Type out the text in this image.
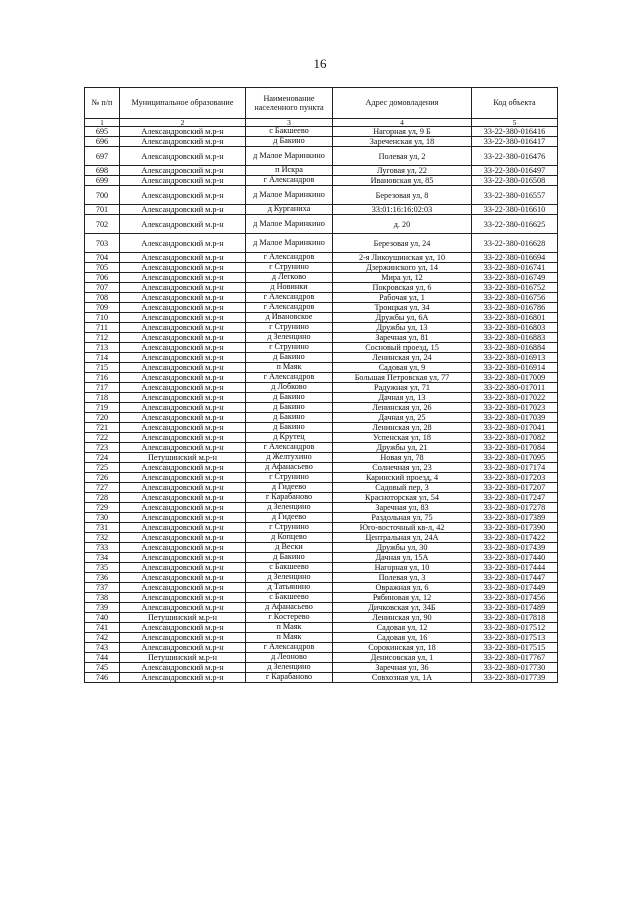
16
№ п/п	Муниципальное образование	Наименование населенного пункта	Адрес домовладения	Код объекта
1	2	3	4	5
695	Александровский м.р-н	с Бакшеево	Нагорная ул, 9 Б	33-22-380-016416
696	Александровский м.р-н	д Бакино	Зареченская ул, 18	33-22-380-016417
697	Александровский м.р-н	д Малое Маринкино	Полевая ул, 2	33-22-380-016476
698	Александровский м.р-н	п Искра	Луговая ул, 22	33-22-380-016497
699	Александровский м.р-н	г Александров	Ивановская ул, 85	33-22-380-016508
700	Александровский м.р-н	д Малое Маринкино	Березовая ул, 8	33-22-380-016557
701	Александровский м.р-н	д Курганиха	33:01:16:16:02:03	33-22-380-016610
702	Александровский м.р-н	д Малое Маринкино	д. 20	33-22-380-016625
703	Александровский м.р-н	д Малое Маринкино	Березовая ул, 24	33-22-380-016628
704	Александровский м.р-н	г Александров	2-я Ликоушинская ул, 10	33-22-380-016694
705	Александровский м.р-н	г Струнино	Дзержинского ул, 14	33-22-380-016741
706	Александровский м.р-н	д Легково	Мира ул, 12	33-22-380-016749
707	Александровский м.р-н	д Новинки	Покровская ул, 6	33-22-380-016752
708	Александровский м.р-н	г Александров	Рабочая ул, 1	33-22-380-016756
709	Александровский м.р-н	г Александров	Троицкая ул, 34	33-22-380-016786
710	Александровский м.р-н	д Ивановское	Дружбы ул, 6А	33-22-380-016801
711	Александровский м.р-н	г Струнино	Дружбы ул, 13	33-22-380-016803
712	Александровский м.р-н	д Зеленцино	Заречная ул, 81	33-22-380-016883
713	Александровский м.р-н	г Струнино	Сосновый проезд, 15	33-22-380-016884
714	Александровский м.р-н	д Бакино	Ленинская ул, 24	33-22-380-016913
715	Александровский м.р-н	п Маяк	Садовая ул, 9	33-22-380-016914
716	Александровский м.р-н	г Александров	Большая Петровская ул, 77	33-22-380-017009
717	Александровский м.р-н	д Лобково	Радужная ул, 71	33-22-380-017011
718	Александровский м.р-н	д Бакино	Дачная ул, 13	33-22-380-017022
719	Александровский м.р-н	д Бакино	Ленинская ул, 26	33-22-380-017023
720	Александровский м.р-н	д Бакино	Дачная ул, 25	33-22-380-017039
721	Александровский м.р-н	д Бакино	Ленинская ул, 28	33-22-380-017041
722	Александровский м.р-н	д Крутец	Успенская ул, 18	33-22-380-017082
723	Александровский м.р-н	г Александров	Дружбы ул, 21	33-22-380-017084
724	Петушинский м.р-н	д Желтухино	Новая ул, 78	33-22-380-017095
725	Александровский м.р-н	д Афанасьево	Солнечная ул, 23	33-22-380-017174
726	Александровский м.р-н	г Струнино	Каринский проезд, 4	33-22-380-017203
727	Александровский м.р-н	д Гидеево	Садовый пер, 3	33-22-380-017207
728	Александровский м.р-н	г Карабаново	Красноторская ул, 54	33-22-380-017247
729	Александровский м.р-н	д Зеленцино	Заречная ул, 83	33-22-380-017278
730	Александровский м.р-н	д Гидеево	Раздольная ул, 75	33-22-380-017389
731	Александровский м.р-н	г Струнино	Юго-восточный кв-л, 42	33-22-380-017390
732	Александровский м.р-н	д Копцево	Центральная ул, 24А	33-22-380-017422
733	Александровский м.р-н	д Вески	Дружбы ул, 30	33-22-380-017439
734	Александровский м.р-н	д Бакино	Дачная ул, 15А	33-22-380-017440
735	Александровский м.р-н	с Бакшеево	Нагорная ул, 10	33-22-380-017444
736	Александровский м.р-н	д Зеленцино	Полевая ул, 3	33-22-380-017447
737	Александровский м.р-н	д Татьянино	Овражная ул, 6	33-22-380-017449
738	Александровский м.р-н	с Бакшеево	Рябиновая ул, 12	33-22-380-017456
739	Александровский м.р-н	д Афанасьево	Дичковская ул, 34Б	33-22-380-017489
740	Петушинский м.р-н	г Костерево	Ленинская ул, 90	33-22-380-017818
741	Александровский м.р-н	п Маяк	Садовая ул, 12	33-22-380-017512
742	Александровский м.р-н	п Маяк	Садовая ул, 16	33-22-380-017513
743	Александровский м.р-н	г Александров	Сорокинская ул, 18	33-22-380-017515
744	Петушинский м.р-н	д Леоново	Денисовская ул, 1	33-22-380-017767
745	Александровский м.р-н	д Зеленцино	Заречная ул, 36	33-22-380-017730
746	Александровский м.р-н	г Карабаново	Совхозная ул, 1А	33-22-380-017739
